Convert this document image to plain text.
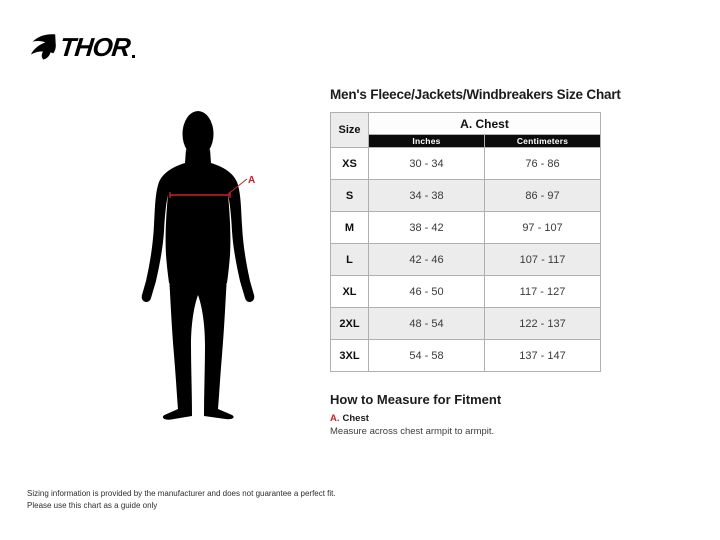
THOR
A
Men's Fleece/Jackets/Windbreakers Size Chart
Size	A. Chest	
	Inches	Centimeters
XS	30 - 34	76 - 86
S	34 - 38	86 - 97
M	38 - 42	97 - 107
L	42 - 46	107 - 117
XL	46 - 50	117 - 127
2XL	48 - 54	122 - 137
3XL	54 - 58	137 - 147
How to Measure for Fitment
A. Chest
Measure across chest armpit to armpit.
Sizing information is provided by the manufacturer and does not guarantee a perfect fit.
Please use this chart as a guide only
